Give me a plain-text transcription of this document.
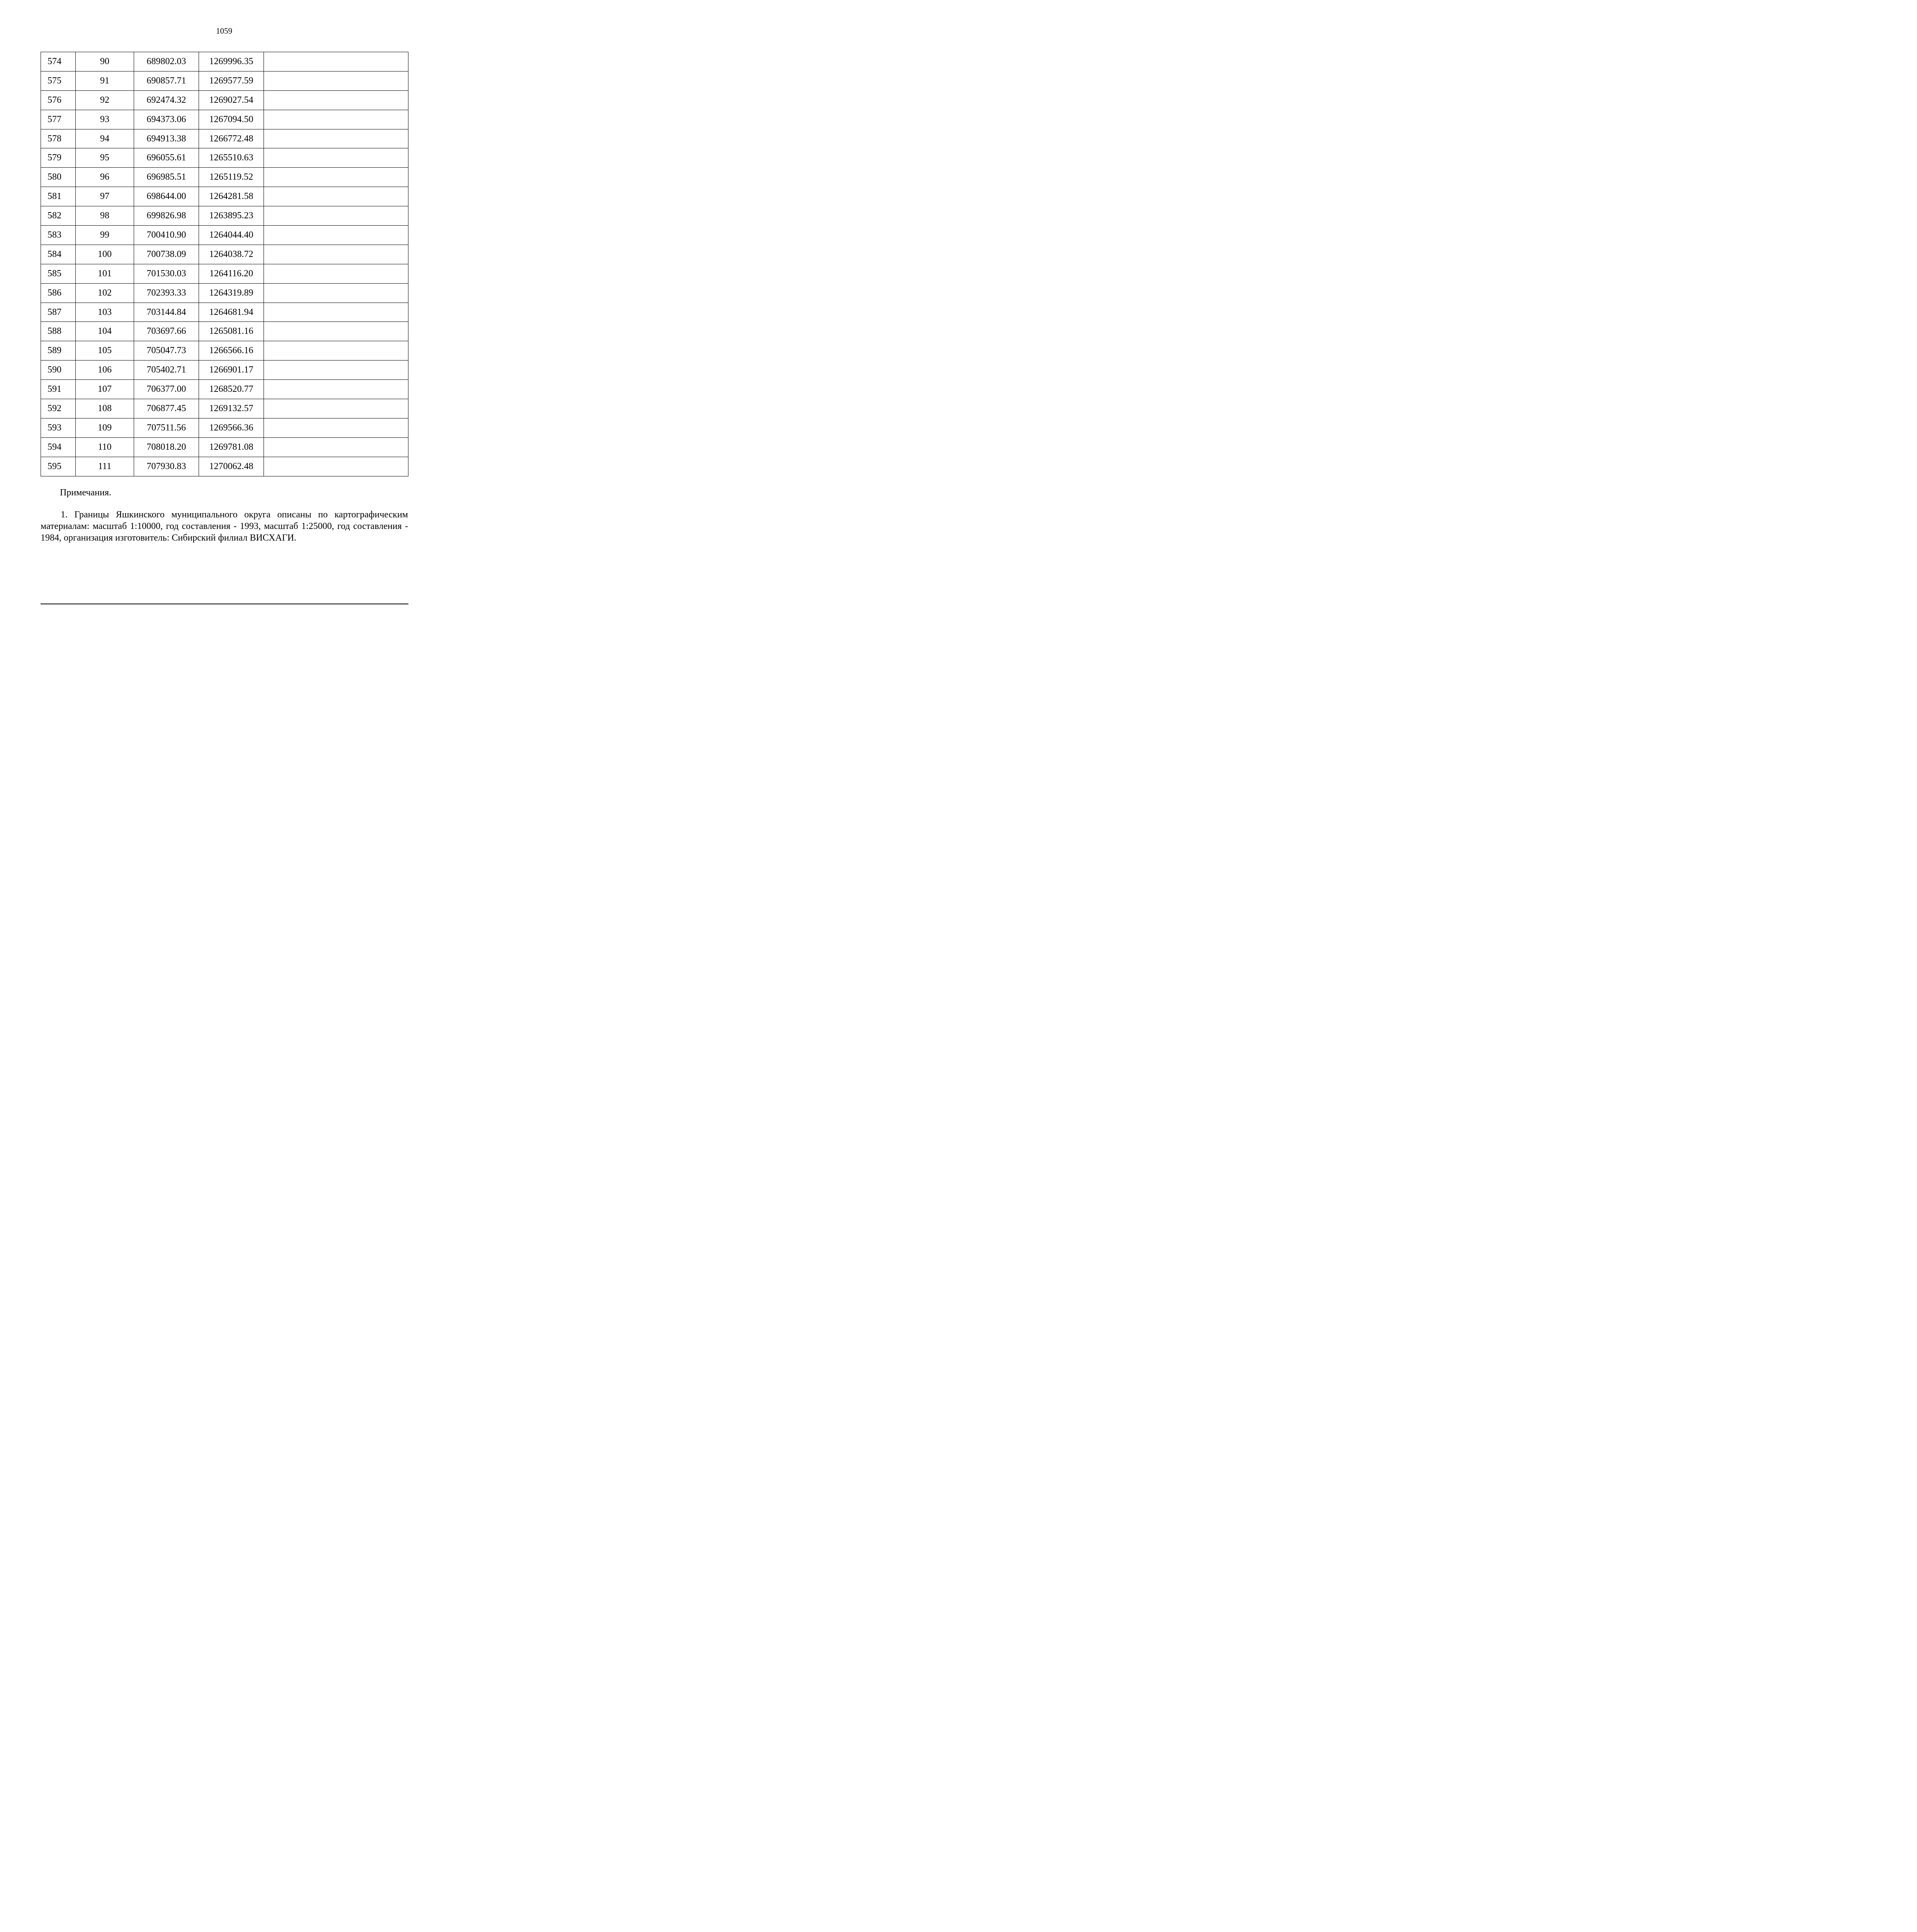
1059
574	90	689802.03	1269996.35	
575	91	690857.71	1269577.59	
576	92	692474.32	1269027.54	
577	93	694373.06	1267094.50	
578	94	694913.38	1266772.48	
579	95	696055.61	1265510.63	
580	96	696985.51	1265119.52	
581	97	698644.00	1264281.58	
582	98	699826.98	1263895.23	
583	99	700410.90	1264044.40	
584	100	700738.09	1264038.72	
585	101	701530.03	1264116.20	
586	102	702393.33	1264319.89	
587	103	703144.84	1264681.94	
588	104	703697.66	1265081.16	
589	105	705047.73	1266566.16	
590	106	705402.71	1266901.17	
591	107	706377.00	1268520.77	
592	108	706877.45	1269132.57	
593	109	707511.56	1269566.36	
594	110	708018.20	1269781.08	
595	111	707930.83	1270062.48	
Примечания.

1. Границы Яшкинского муниципального округа описаны по картографическим материалам: масштаб 1:10000, год составления - 1993, масштаб 1:25000, год составления - 1984, организация изготовитель: Сибирский филиал ВИСХАГИ.
